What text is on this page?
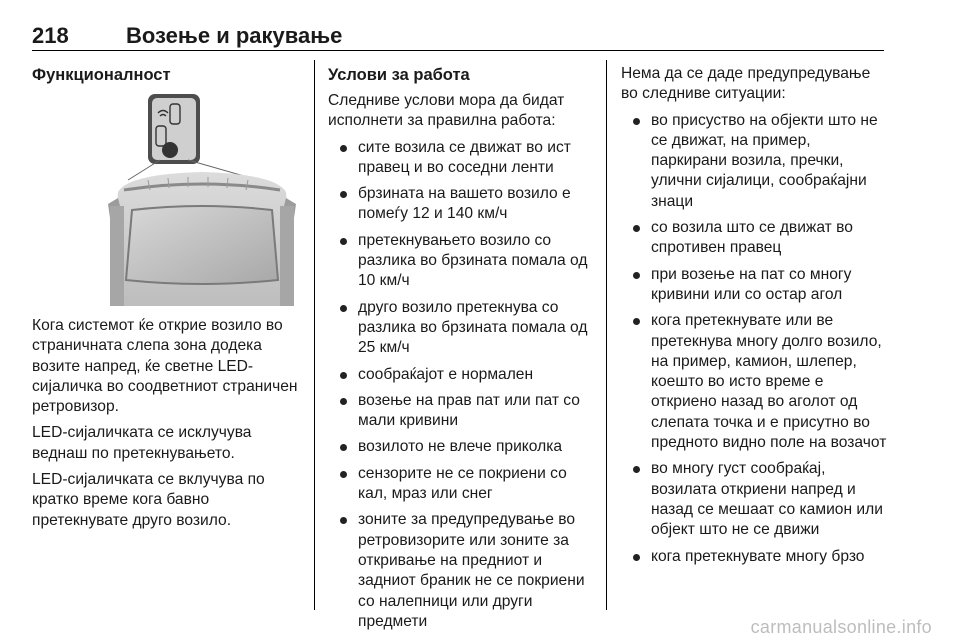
218	Возење и ракување
Функционалност

Кога системот ќе открие возило во страничната слепа зона додека возите напред, ќе светне LED-сијаличка во соодветниот страничен ретровизор.

LED-сијаличката се исклучува веднаш по претекнувањето.

LED-сијаличката се вклучува по кратко време кога бавно претекнувате друго возило.

Услови за работа

Следниве услови мора да бидат исполнети за правилна работа:

сите возила се движат во ист правец и во соседни ленти
брзината на вашето возило е помеѓу 12 и 140 км/ч
претекнувањето возило со разлика во брзината помала од 10 км/ч
друго возило претекнува со разлика во брзината помала од 25 км/ч
сообраќајот е нормален
возење на прав пат или пат со мали кривини
возилото не влече приколка
сензорите не се покриени со кал, мраз или снег
зоните за предупредување во ретровизорите или зоните за откривање на предниот и задниот браник не се покриени со налепници или други предмети

Нема да се даде предупредување во следниве ситуации:

во присуство на објекти што не се движат, на пример, паркирани возила, пречки, улични сијалици, сообраќајни знаци
со возила што се движат во спротивен правец
при возење на пат со многу кривини или со остар агол
кога претекнувате или ве претекнува многу долго возило, на пример, камион, шлепер, коешто во исто време е откриено назад во аголот од слепата точка и е присутно во предното видно поле на возачот
во многу густ сообраќај, возилата откриени напред и назад се мешаат со камион или објект што не се движи
кога претекнувате многу брзо
carmanualsonline.info
